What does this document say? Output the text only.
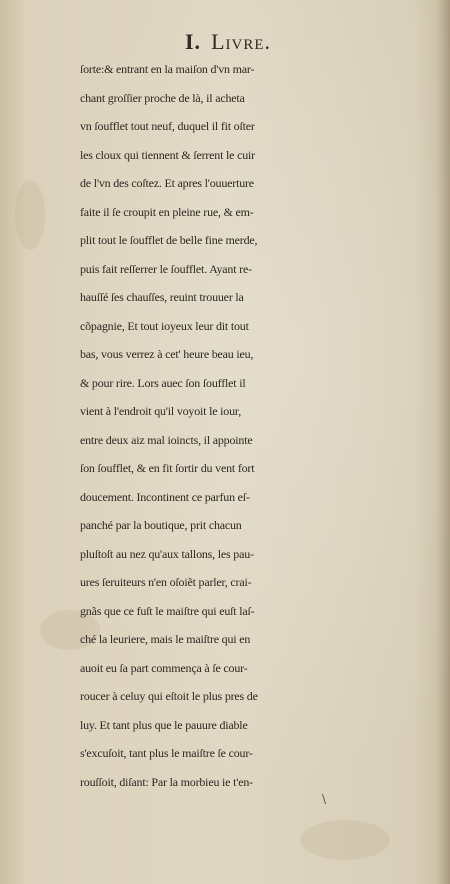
I. Livre.
ſorte:& entrant en la maiſon d'vn mar-
chant groſſier proche de là, il acheta
vn ſoufflet tout neuf, duquel il fit oſter
les cloux qui tiennent & ſerrent le cuir
de l'vn des coſtez. Et apres l'ouuerture
faite il ſe croupit en pleine rue, & em-
plit tout le ſoufflet de belle fine merde,
puis fait reſſerrer le ſoufflet. Ayant re-
hauſſé ſes chauſſes, reuint trouuer la
cõpagnie, Et tout ioyeux leur dit tout
bas, vous verrez à cet' heure beau ieu,
& pour rire. Lors auec ſon ſoufflet il
vient à l'endroit qu'il voyoit le iour,
entre deux aiz mal ioincts, il appointe
ſon ſoufflet, & en fit ſortir du vent fort
doucement. Incontinent ce parfun eſ-
panché par la boutique, prit chacun
pluſtoſt au nez qu'aux tallons, les pau-
ures ſeruiteurs n'en oſoiẽt parler, crai-
gnãs que ce fuſt le maiſtre qui euſt laſ-
ché la leuriere, mais le maiſtre qui en
auoit eu ſa part commença à ſe cour-
roucer à celuy qui eſtoit le plus pres de
luy. Et tant plus que le pauure diable
s'excuſoit, tant plus le maiſtre ſe cour-
rouſſoit, diſant: Par la morbieu ie t'en-
\
